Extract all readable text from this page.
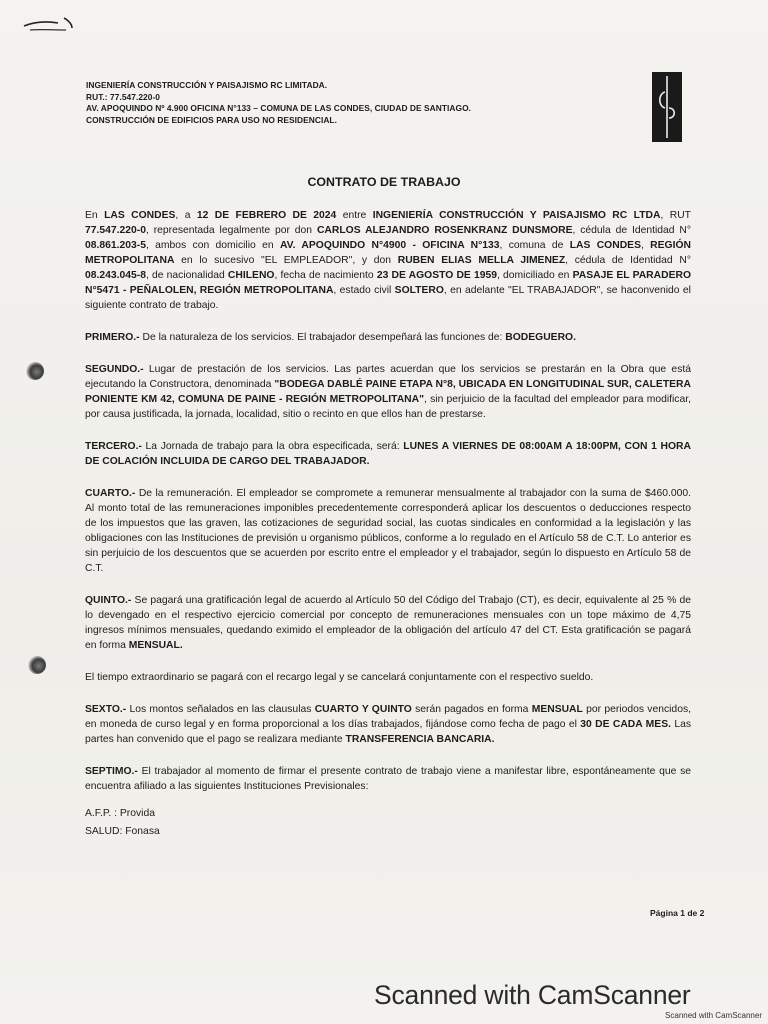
INGENIERÍA CONSTRUCCIÓN Y PAISAJISMO RC LIMITADA.
RUT.: 77.547.220-0
AV. APOQUINDO Nº 4.900 OFICINA N°133 – COMUNA DE LAS CONDES, CIUDAD DE SANTIAGO.
CONSTRUCCIÓN DE EDIFICIOS PARA USO NO RESIDENCIAL.
CONTRATO DE TRABAJO

En LAS CONDES, a 12 DE FEBRERO DE 2024 entre INGENIERÍA CONSTRUCCIÓN Y PAISAJISMO RC LTDA, RUT 77.547.220-0, representada legalmente por don CARLOS ALEJANDRO ROSENKRANZ DUNSMORE, cédula de Identidad N° 08.861.203-5, ambos con domicilio en AV. APOQUINDO N°4900 - OFICINA N°133, comuna de LAS CONDES, REGIÓN METROPOLITANA en lo sucesivo "EL EMPLEADOR", y don RUBEN ELIAS MELLA JIMENEZ, cédula de Identidad N° 08.243.045-8, de nacionalidad CHILENO, fecha de nacimiento 23 DE AGOSTO DE 1959, domiciliado en PASAJE EL PARADERO N°5471 - PEÑALOLEN, REGIÓN METROPOLITANA, estado civil SOLTERO, en adelante "EL TRABAJADOR", se haconvenido el siguiente contrato de trabajo.

PRIMERO.- De la naturaleza de los servicios. El trabajador desempeñará las funciones de: BODEGUERO.

SEGUNDO.- Lugar de prestación de los servicios. Las partes acuerdan que los servicios se prestarán en la Obra que está ejecutando la Constructora, denominada "BODEGA DABLÉ PAINE ETAPA N°8, UBICADA EN LONGITUDINAL SUR, CALETERA PONIENTE KM 42, COMUNA DE PAINE - REGIÓN METROPOLITANA", sin perjuicio de la facultad del empleador para modificar, por causa justificada, la jornada, localidad, sitio o recinto en que ellos han de prestarse.

TERCERO.- La Jornada de trabajo para la obra especificada, será: LUNES A VIERNES DE 08:00AM A 18:00PM, CON 1 HORA DE COLACIÓN INCLUIDA DE CARGO DEL TRABAJADOR.

CUARTO.- De la remuneración. El empleador se compromete a remunerar mensualmente al trabajador con la suma de $460.000. Al monto total de las remuneraciones imponibles precedentemente corresponderá aplicar los descuentos o deducciones respecto de los impuestos que las graven, las cotizaciones de seguridad social, las cuotas sindicales en conformidad a la legislación y las obligaciones con las Instituciones de previsión u organismo públicos, conforme a lo regulado en el Artículo 58 de C.T. Lo anterior es sin perjuicio de los descuentos que se acuerden por escrito entre el empleador y el trabajador, según lo dispuesto en Artículo 58 de C.T.

QUINTO.- Se pagará una gratificación legal de acuerdo al Artículo 50 del Código del Trabajo (CT), es decir, equivalente al 25 % de lo devengado en el respectivo ejercicio comercial por concepto de remuneraciones mensuales con un tope máximo de 4,75 ingresos mínimos mensuales, quedando eximido el empleador de la obligación del artículo 47 del CT. Esta gratificación se pagará en forma MENSUAL.

El tiempo extraordinario se pagará con el recargo legal y se cancelará conjuntamente con el respectivo sueldo.

SEXTO.- Los montos señalados en las clausulas CUARTO Y QUINTO serán pagados en forma MENSUAL por periodos vencidos, en moneda de curso legal y en forma proporcional a los días trabajados, fijándose como fecha de pago el 30 DE CADA MES. Las partes han convenido que el pago se realizara mediante TRANSFERENCIA BANCARIA.

SEPTIMO.- El trabajador al momento de firmar el presente contrato de trabajo viene a manifestar libre, espontáneamente que se encuentra afiliado a las siguientes Instituciones Previsionales:

A.F.P. : Provida

SALUD: Fonasa

Página 1 de 2
Scanned with CamScanner
Scanned with CamScanner
